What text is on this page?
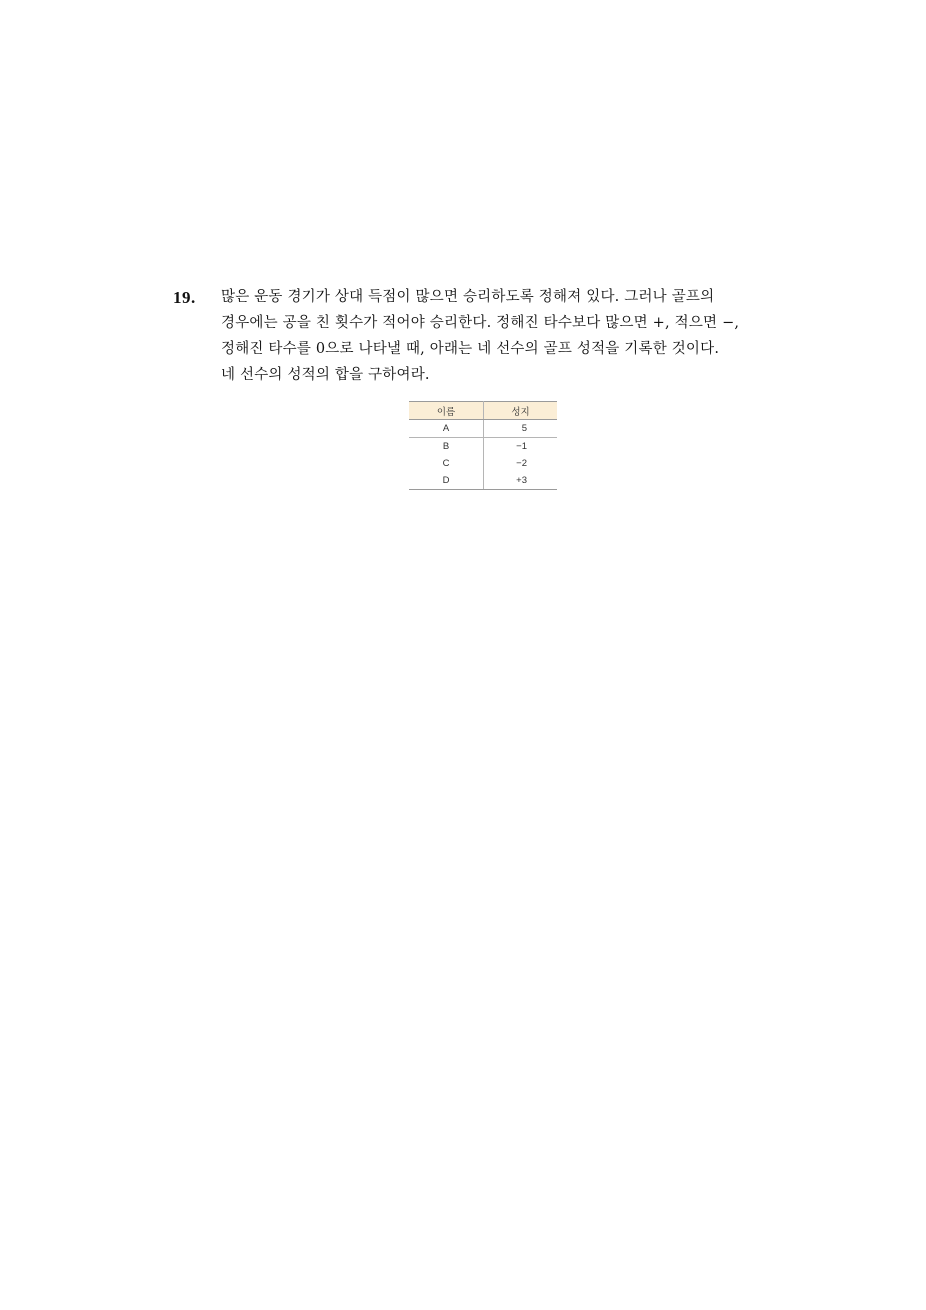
19. 많은 운동 경기가 상대 득점이 많으면 승리하도록 정해져 있다. 그러나 골프의
경우에는 공을 친 횟수가 적어야 승리한다. 정해진 타수보다 많으면 +, 적으면 −,
정해진 타수를 0으로 나타낼 때, 아래는 네 선수의 골프 성적을 기록한 것이다.
네 선수의 성적의 합을 구하여라.
이름	성지
A	5
B	−1
C	−2
D	+3
